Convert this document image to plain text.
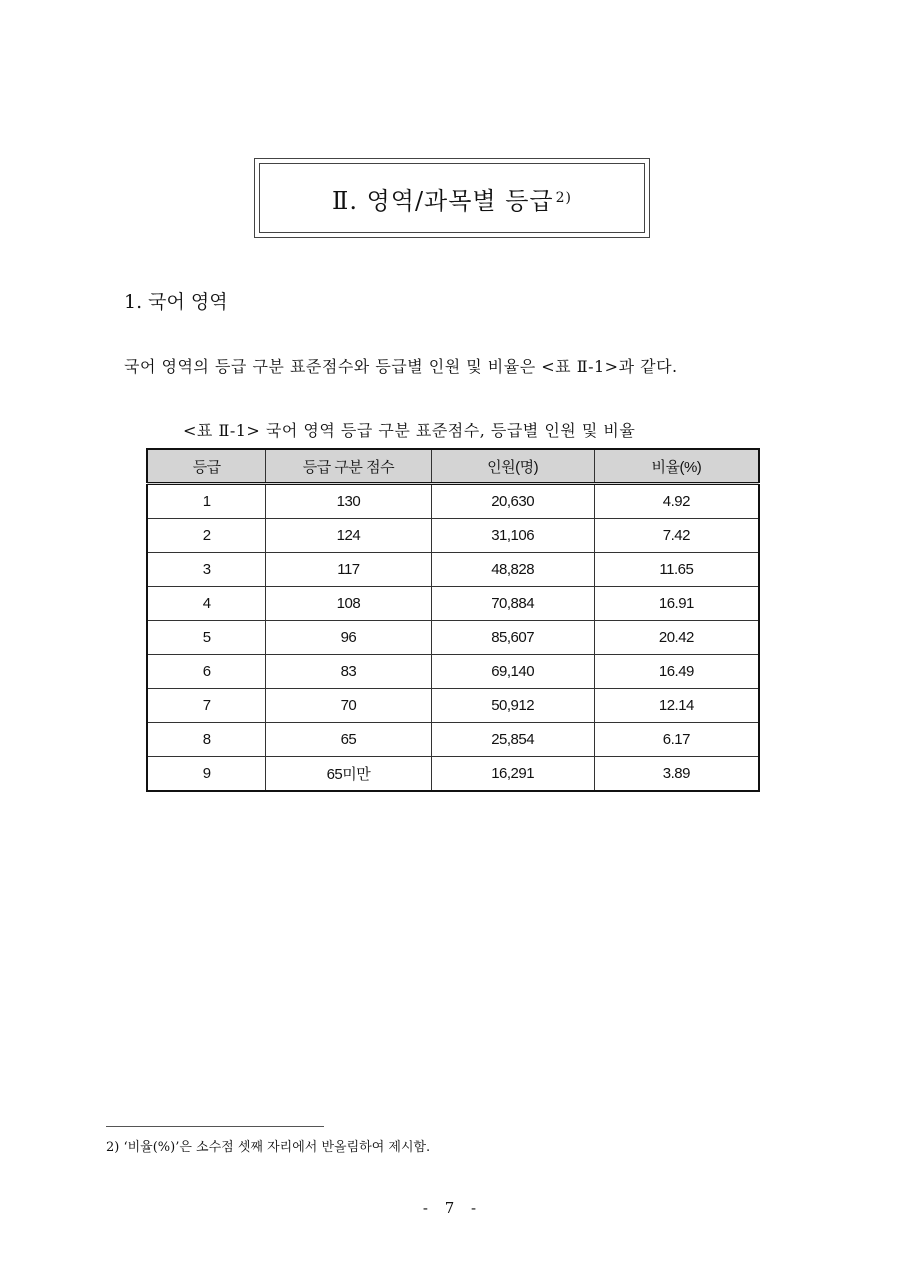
Ⅱ. 영역/과목별 등급 2)
1. 국어 영역
국어 영역의 등급 구분 표준점수와 등급별 인원 및 비율은 <표 Ⅱ-1>과 같다.
<표 Ⅱ-1> 국어 영역 등급 구분 표준점수, 등급별 인원 및 비율
등급	등급 구분 점수	인원(명)	비율(%)
1	130	20,630	4.92
2	124	31,106	7.42
3	117	48,828	11.65
4	108	70,884	16.91
5	96	85,607	20.42
6	83	69,140	16.49
7	70	50,912	12.14
8	65	25,854	6.17
9	65미만	16,291	3.89
2) ‘비율(%)’은 소수점 셋째 자리에서 반올림하여 제시함.
- 7 -
